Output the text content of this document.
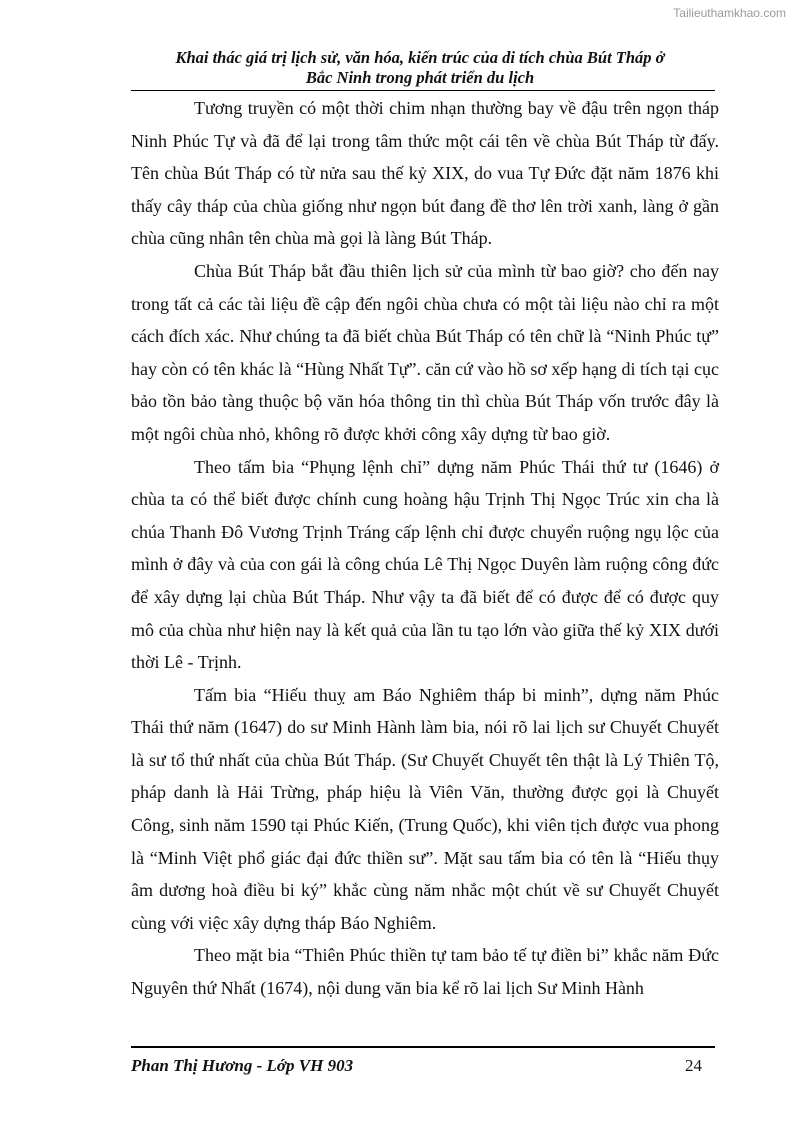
Tailieuthamkhao.com
Khai thác giá trị lịch sử, văn hóa, kiến trúc của di tích chùa Bút Tháp ở
Bắc Ninh trong phát triển du lịch

Tương truyền có một thời chim nhạn thường bay về đậu trên ngọn tháp Ninh Phúc Tự và đã để lại trong tâm thức một cái tên về chùa Bút Tháp từ đấy. Tên chùa Bút Tháp có từ nửa sau thế kỷ XIX, do vua Tự Đức đặt năm 1876 khi thấy cây tháp của chùa giống như ngọn bút đang đề thơ lên trời xanh, làng ở gần chùa cũng nhân tên chùa mà gọi là làng Bút Tháp.

Chùa Bút Tháp bắt đầu thiên lịch sử của mình từ bao giờ? cho đến nay trong tất cả các tài liệu đề cập đến ngôi chùa chưa có một tài liệu nào chỉ ra một cách đích xác. Như chúng ta đã biết chùa Bút Tháp có tên chữ là “Ninh Phúc tự” hay còn có tên khác là “Hùng Nhất Tự”. căn cứ vào hồ sơ xếp hạng di tích tại cục bảo tồn bảo tàng thuộc bộ văn hóa thông tin thì chùa Bút Tháp vốn trước đây là một ngôi chùa nhỏ, không rõ được khởi công xây dựng từ bao giờ.

Theo tấm bia “Phụng lệnh chỉ” dựng năm Phúc Thái thứ tư (1646) ở chùa ta có thể biết được chính cung hoàng hậu Trịnh Thị Ngọc Trúc xin cha là chúa Thanh Đô Vương Trịnh Tráng cấp lệnh chỉ được chuyển ruộng ngụ lộc của mình ở đây và của con gái là công chúa Lê Thị Ngọc Duyên làm ruộng công đức để xây dựng lại chùa Bút Tháp. Như vậy ta đã biết để có được để có được quy mô của chùa như hiện nay là kết quả của lần tu tạo lớn vào giữa thế kỷ XIX dưới thời Lê - Trịnh.

Tấm bia “Hiếu thuỵ am Báo Nghiêm tháp bi minh”, dựng năm Phúc Thái thứ năm (1647) do sư Minh Hành làm bia, nói rõ lai lịch sư Chuyết Chuyết là sư tổ thứ nhất của chùa Bút Tháp. (Sư Chuyết Chuyết tên thật là Lý Thiên Tộ, pháp danh là Hải Trừng, pháp hiệu là Viên Văn, thường được gọi là Chuyết Công, sinh năm 1590 tại Phúc Kiến, (Trung Quốc), khi viên tịch được vua phong là “Minh Việt phổ giác đại đức thiền sư”. Mặt sau tấm bia có tên là “Hiếu thụy âm dương hoà điều bi ký” khắc cùng năm nhắc một chút về sư Chuyết Chuyết cùng với việc xây dựng tháp Báo Nghiêm.

Theo mặt bia “Thiên Phúc thiền tự tam bảo tế tự điền bi” khắc năm Đức Nguyên thứ Nhất (1674), nội dung văn bia kể rõ lai lịch Sư Minh Hành

Phan Thị Hương - Lớp VH 903	24
